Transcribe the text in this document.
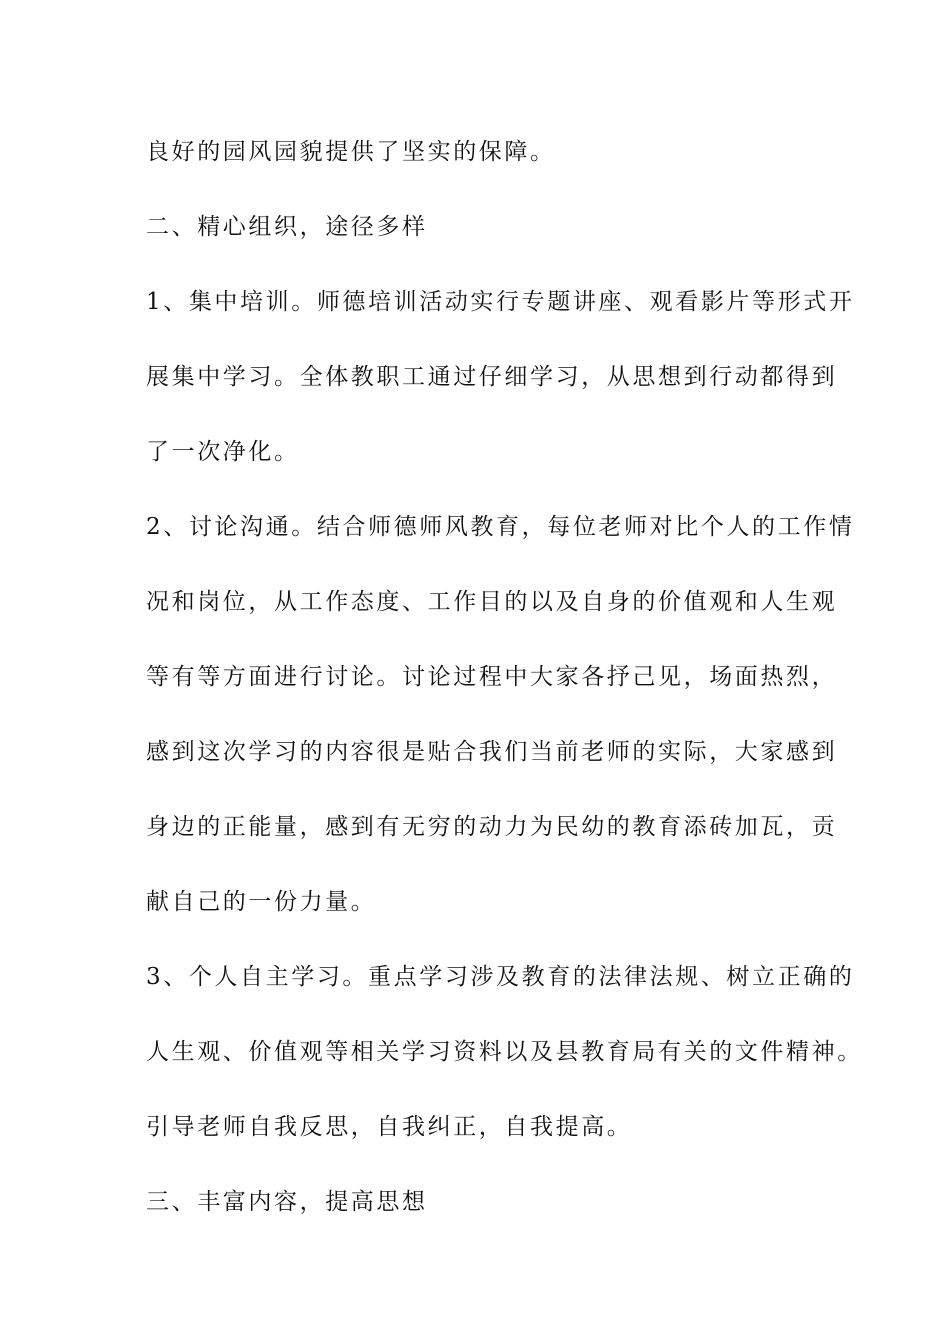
良好的园风园貌提供了坚实的保障。
二、精心组织，途径多样
1、集中培训。师德培训活动实行专题讲座、观看影片等形式开
展集中学习。全体教职工通过仔细学习，从思想到行动都得到
了一次净化。
2、讨论沟通。结合师德师风教育，每位老师对比个人的工作情
况和岗位，从工作态度、工作目的以及自身的价值观和人生观
等有等方面进行讨论。讨论过程中大家各抒己见，场面热烈，
感到这次学习的内容很是贴合我们当前老师的实际，大家感到
身边的正能量，感到有无穷的动力为民幼的教育添砖加瓦，贡
献自己的一份力量。
3、个人自主学习。重点学习涉及教育的法律法规、树立正确的
人生观、价值观等相关学习资料以及县教育局有关的文件精神。
引导老师自我反思，自我纠正，自我提高。
三、丰富内容，提高思想
